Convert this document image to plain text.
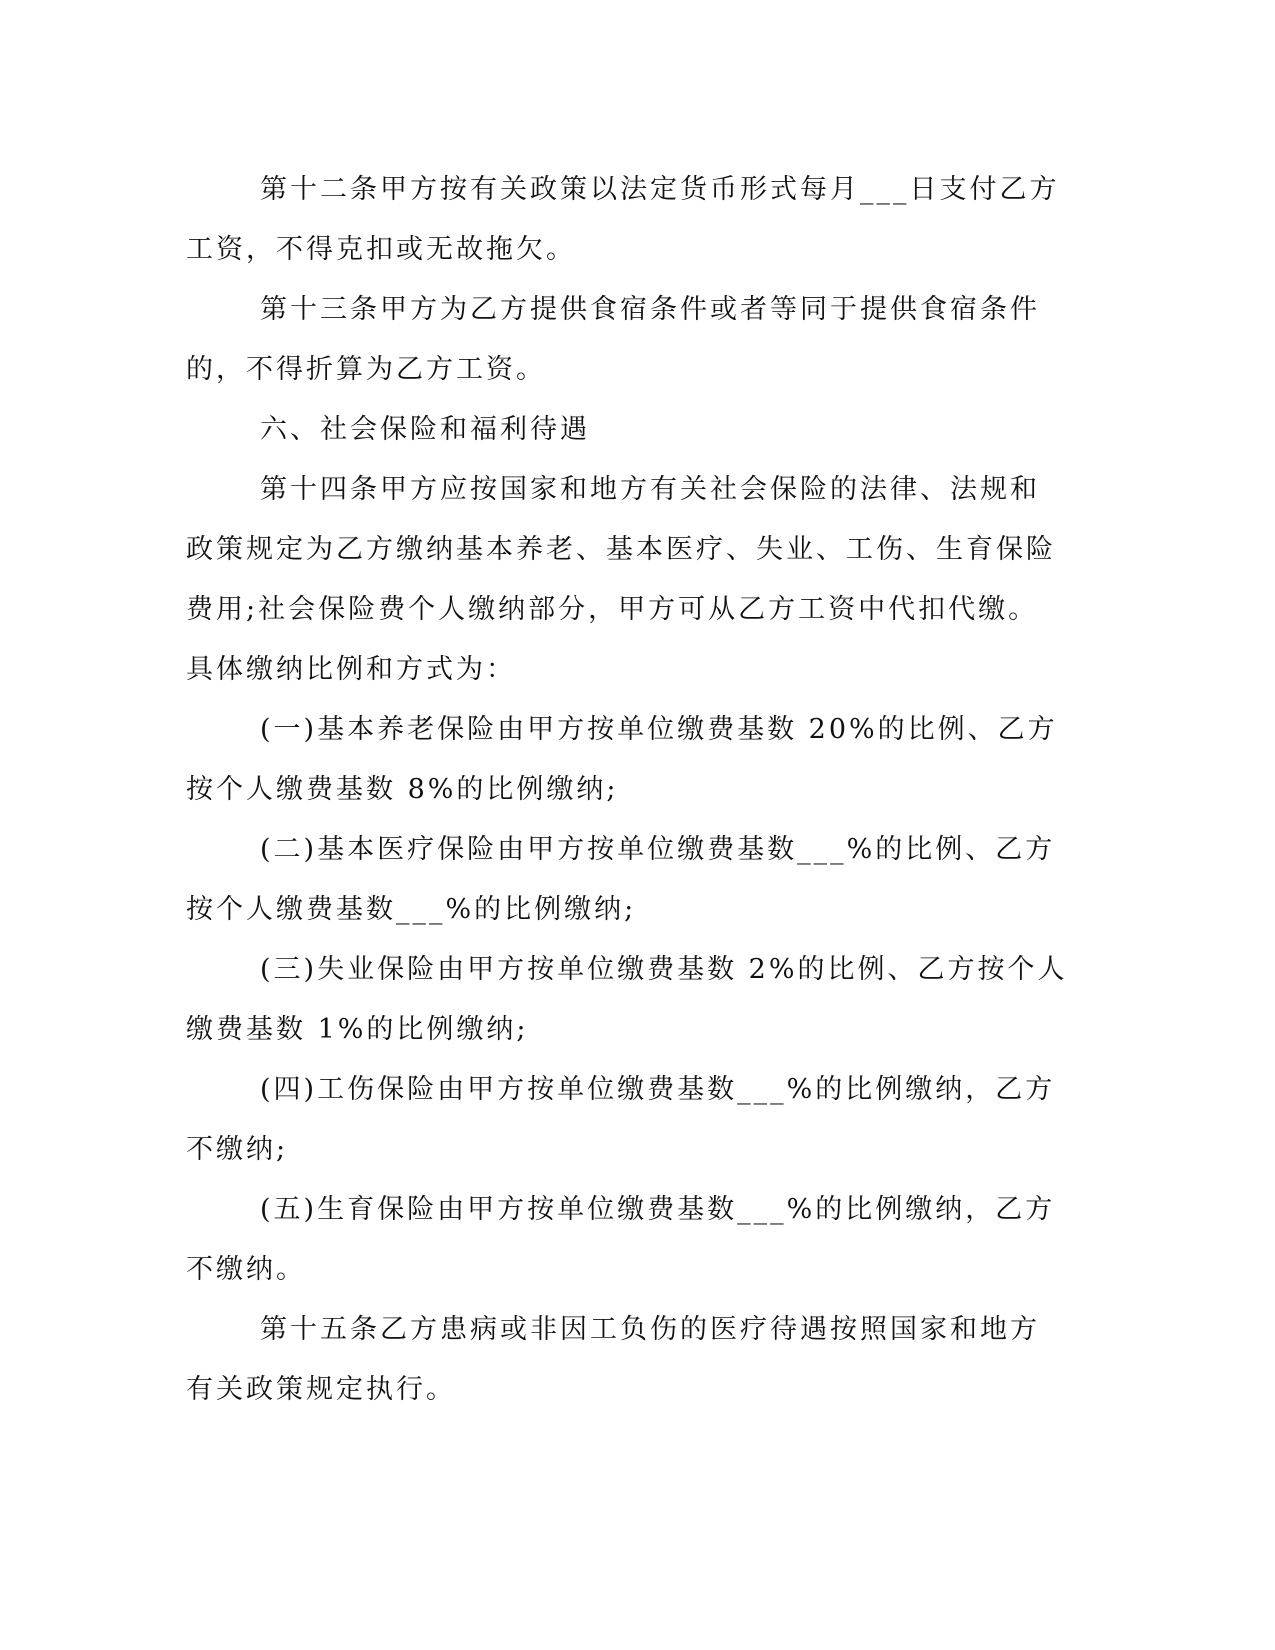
第十二条甲方按有关政策以法定货币形式每月___日支付乙方工资，不得克扣或无故拖欠。

第十三条甲方为乙方提供食宿条件或者等同于提供食宿条件的，不得折算为乙方工资。

六、社会保险和福利待遇

第十四条甲方应按国家和地方有关社会保险的法律、法规和政策规定为乙方缴纳基本养老、基本医疗、失业、工伤、生育保险费用;社会保险费个人缴纳部分，甲方可从乙方工资中代扣代缴。具体缴纳比例和方式为：

(一)基本养老保险由甲方按单位缴费基数 20%的比例、乙方按个人缴费基数 8%的比例缴纳;

(二)基本医疗保险由甲方按单位缴费基数___%的比例、乙方按个人缴费基数___%的比例缴纳;

(三)失业保险由甲方按单位缴费基数 2%的比例、乙方按个人缴费基数 1%的比例缴纳;

(四)工伤保险由甲方按单位缴费基数___%的比例缴纳，乙方不缴纳;

(五)生育保险由甲方按单位缴费基数___%的比例缴纳，乙方不缴纳。

第十五条乙方患病或非因工负伤的医疗待遇按照国家和地方有关政策规定执行。
